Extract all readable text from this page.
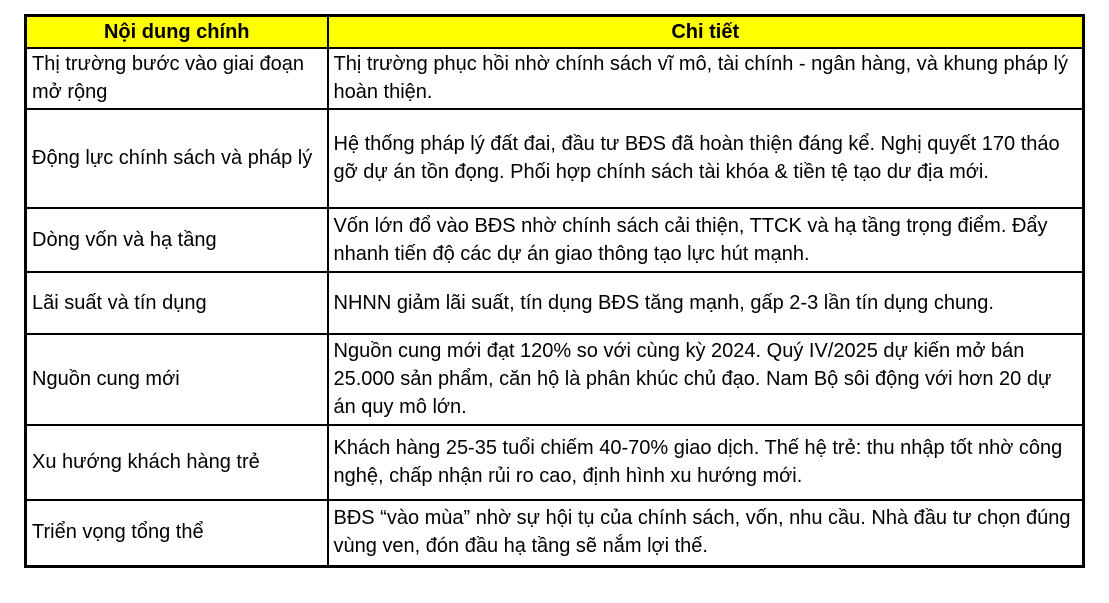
Nội dung chính	Chi tiết
Thị trường bước vào giai đoạn mở rộng	Thị trường phục hồi nhờ chính sách vĩ mô, tài chính - ngân hàng, và khung pháp lý hoàn thiện.
Động lực chính sách và pháp lý	Hệ thống pháp lý đất đai, đầu tư BĐS đã hoàn thiện đáng kể. Nghị quyết 170 tháo gỡ dự án tồn đọng. Phối hợp chính sách tài khóa & tiền tệ tạo dư địa mới.
Dòng vốn và hạ tầng	Vốn lớn đổ vào BĐS nhờ chính sách cải thiện, TTCK và hạ tầng trọng điểm. Đẩy nhanh tiến độ các dự án giao thông tạo lực hút mạnh.
Lãi suất và tín dụng	NHNN giảm lãi suất, tín dụng BĐS tăng mạnh, gấp 2-3 lần tín dụng chung.
Nguồn cung mới	Nguồn cung mới đạt 120% so với cùng kỳ 2024. Quý IV/2025 dự kiến mở bán 25.000 sản phẩm, căn hộ là phân khúc chủ đạo. Nam Bộ sôi động với hơn 20 dự án quy mô lớn.
Xu hướng khách hàng trẻ	Khách hàng 25-35 tuổi chiếm 40-70% giao dịch. Thế hệ trẻ: thu nhập tốt nhờ công nghệ, chấp nhận rủi ro cao, định hình xu hướng mới.
Triển vọng tổng thể	BĐS “vào mùa” nhờ sự hội tụ của chính sách, vốn, nhu cầu. Nhà đầu tư chọn đúng vùng ven, đón đầu hạ tầng sẽ nắm lợi thế.
